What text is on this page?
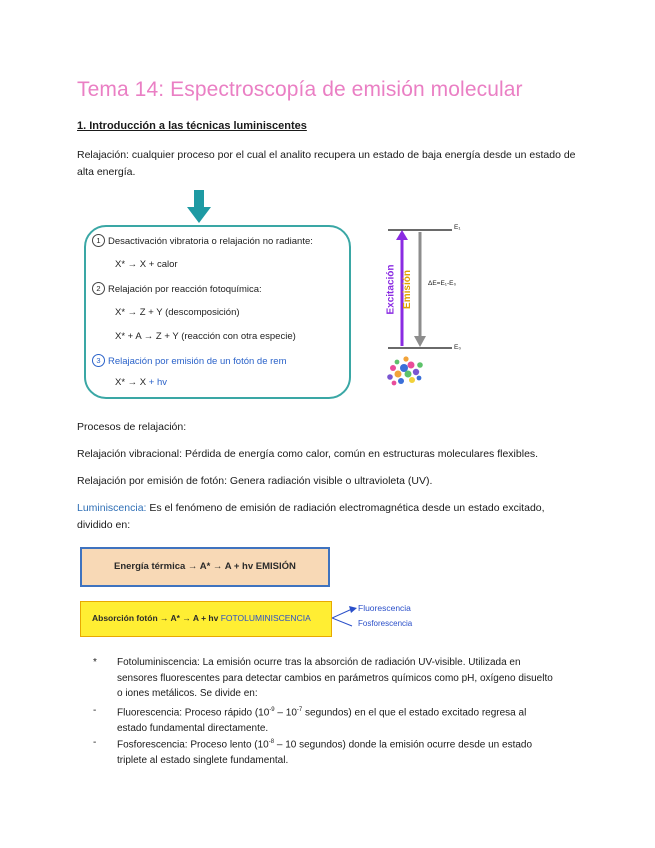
Tema 14: Espectroscopía de emisión molecular
1. Introducción a las técnicas luminiscentes
Relajación: cualquier proceso por el cual el analito recupera un estado de baja energía desde un estado de alta energía.
1 Desactivación vibratoria o relajación no radiante:
X* → X + calor
2 Relajación por reacción fotoquímica:
X* → Z + Y (descomposición)
X* + A → Z + Y (reacción con otra especie)
3 Relajación por emisión de un fotón de rem
X* → X + hv
E₁
E₀
ΔE=E₁-E₀
Excitación Emisión
Procesos de relajación:
Relajación vibracional: Pérdida de energía como calor, común en estructuras moleculares flexibles.
Relajación por emisión de fotón: Genera radiación visible o ultravioleta (UV).
Luminiscencia: Es el fenómeno de emisión de radiación electromagnética desde un estado excitado, dividido en:
Energía térmica → A* → A + hv EMISIÓN
Absorción fotón → A* → A + hv FOTOLUMINISCENCIA
Fluorescencia
Fosforescencia
*	Fotoluminiscencia: La emisión ocurre tras la absorción de radiación UV-visible. Utilizada en sensores fluorescentes para detectar cambios en parámetros químicos como pH, oxígeno disuelto o iones metálicos. Se divide en:
-	Fluorescencia: Proceso rápido ($10^{-9} - 10^{-7}$ segundos) en el que el estado excitado regresa al estado fundamental directamente.
-	Fosforescencia: Proceso lento ($10^{-8} - 10$ segundos) donde la emisión ocurre desde un estado triplete al estado singlete fundamental.
